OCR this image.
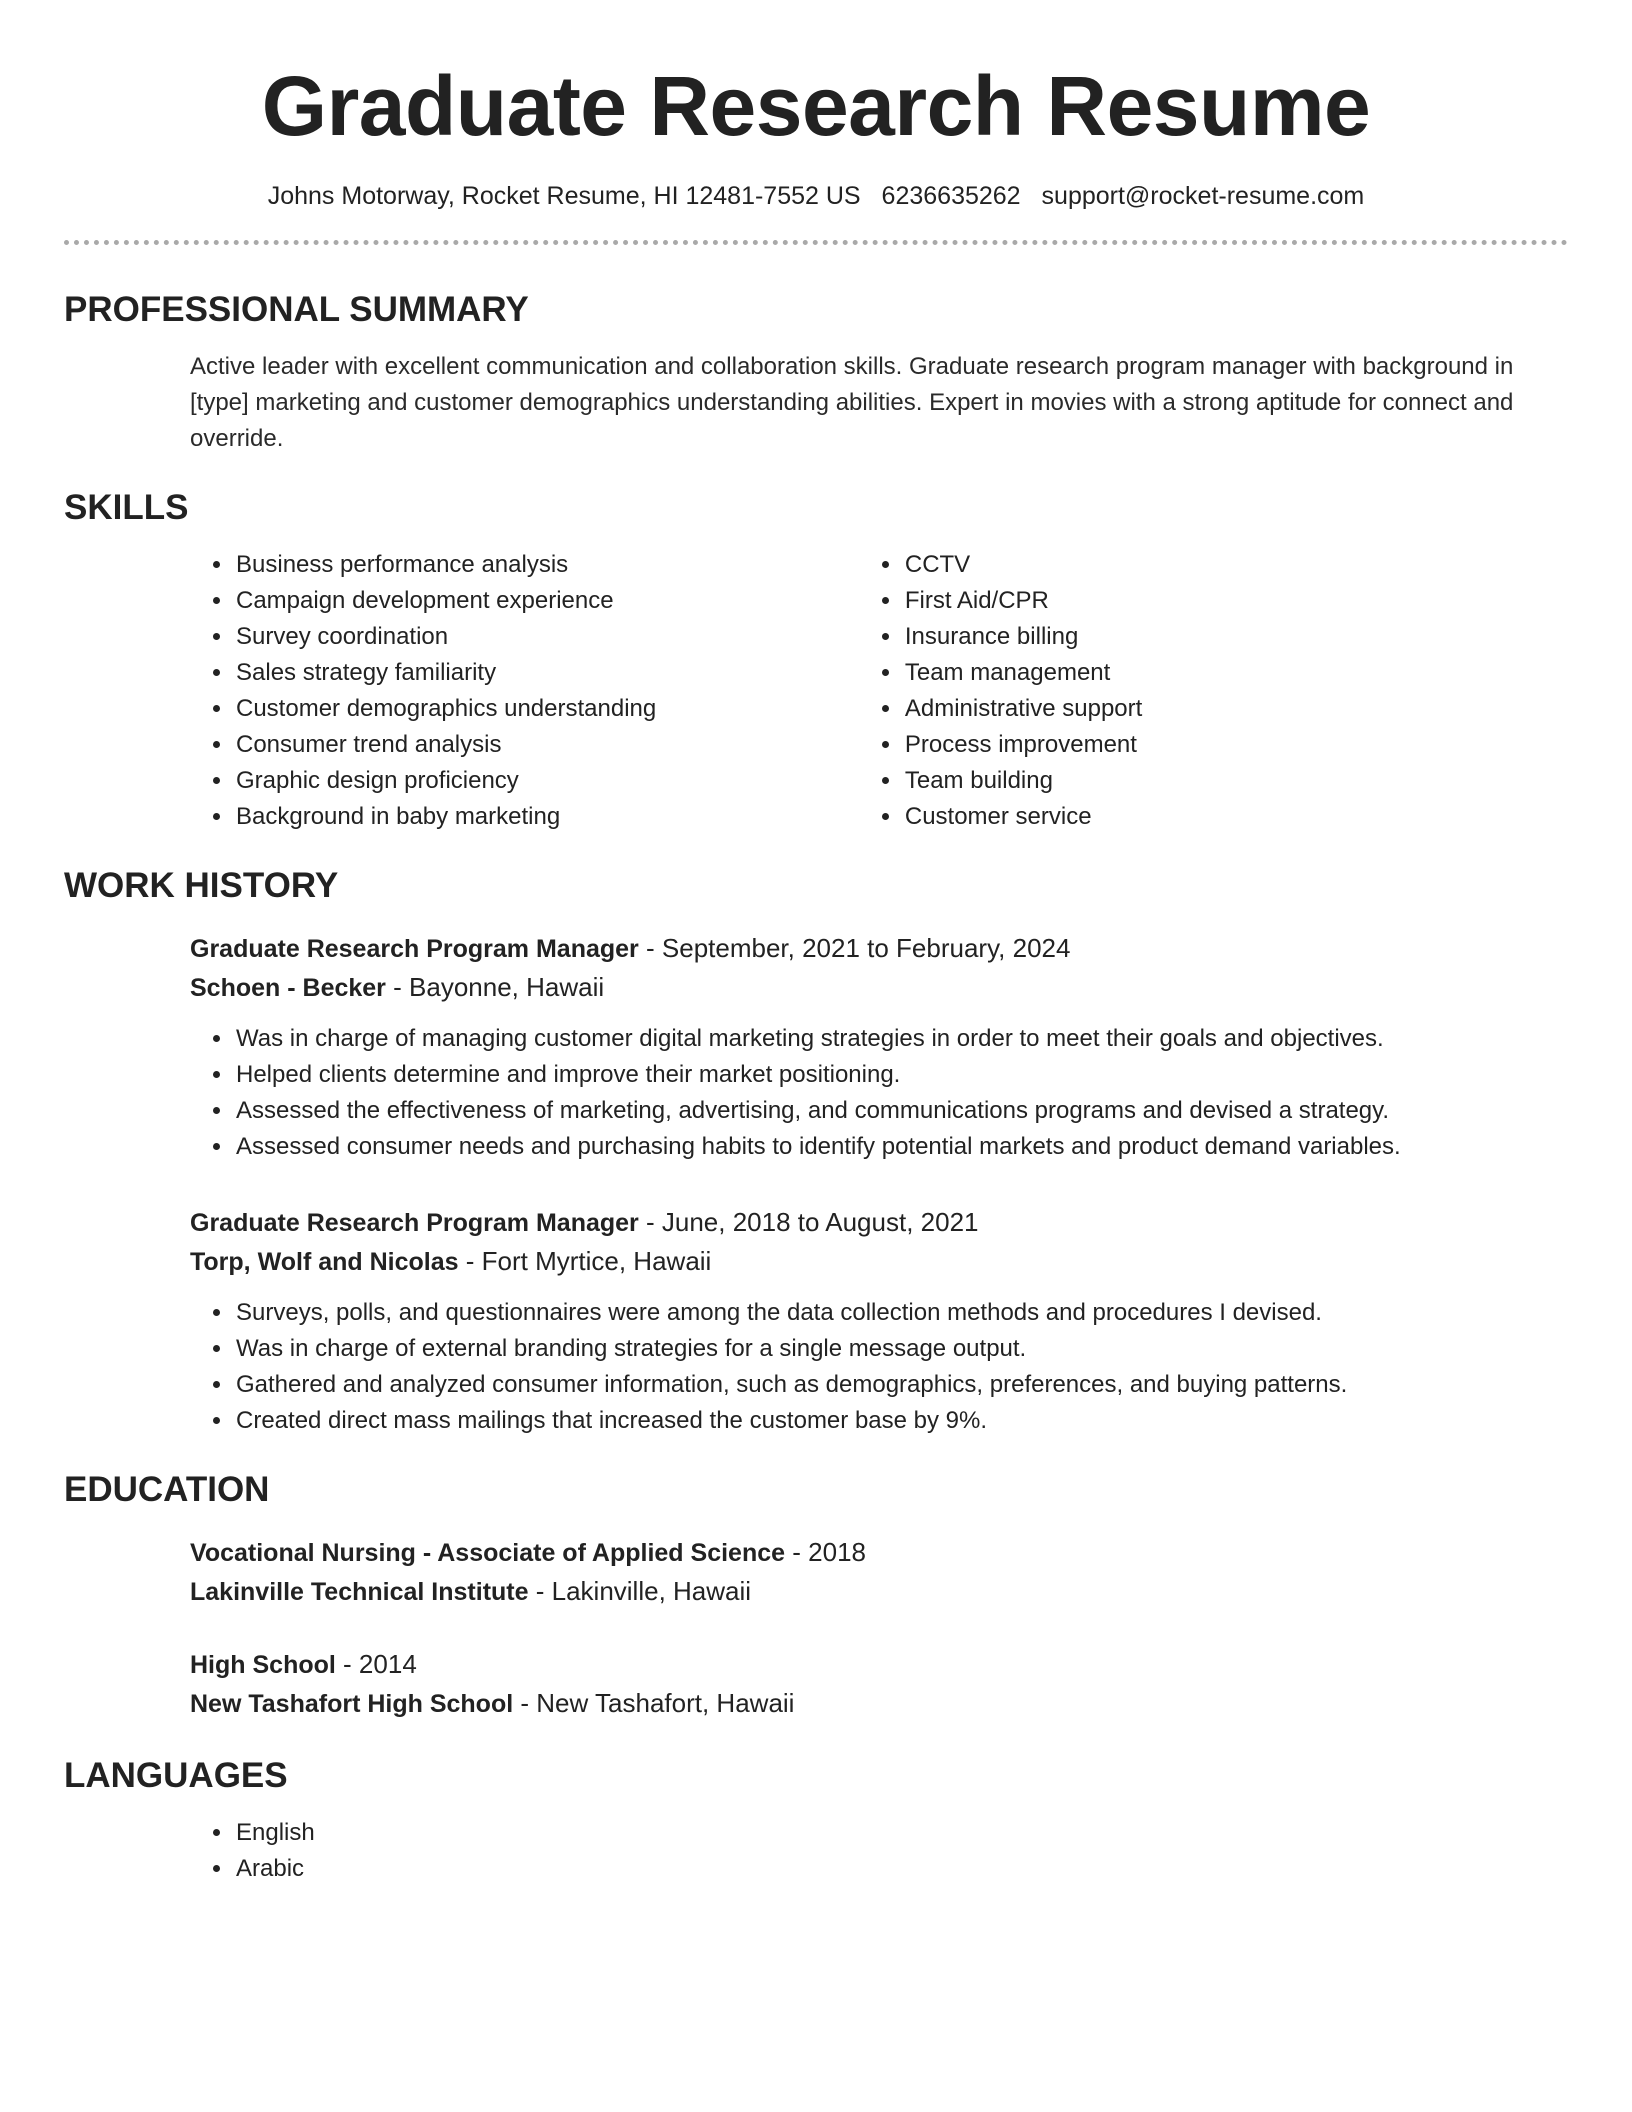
Graduate Research Resume
Johns Motorway, Rocket Resume, HI 12481-7552 US 6236635262 support@rocket-resume.com
PROFESSIONAL SUMMARY
Active leader with excellent communication and collaboration skills. Graduate research program manager with background in [type] marketing and customer demographics understanding abilities. Expert in movies with a strong aptitude for connect and override.
SKILLS
• Business performance analysis
• Campaign development experience
• Survey coordination
• Sales strategy familiarity
• Customer demographics understanding
• Consumer trend analysis
• Graphic design proficiency
• Background in baby marketing
• CCTV
• First Aid/CPR
• Insurance billing
• Team management
• Administrative support
• Process improvement
• Team building
• Customer service
WORK HISTORY
Graduate Research Program Manager - September, 2021 to February, 2024
Schoen - Becker - Bayonne, Hawaii
• Was in charge of managing customer digital marketing strategies in order to meet their goals and objectives.
• Helped clients determine and improve their market positioning.
• Assessed the effectiveness of marketing, advertising, and communications programs and devised a strategy.
• Assessed consumer needs and purchasing habits to identify potential markets and product demand variables.
Graduate Research Program Manager - June, 2018 to August, 2021
Torp, Wolf and Nicolas - Fort Myrtice, Hawaii
• Surveys, polls, and questionnaires were among the data collection methods and procedures I devised.
• Was in charge of external branding strategies for a single message output.
• Gathered and analyzed consumer information, such as demographics, preferences, and buying patterns.
• Created direct mass mailings that increased the customer base by 9%.
EDUCATION
Vocational Nursing - Associate of Applied Science - 2018
Lakinville Technical Institute - Lakinville, Hawaii
High School - 2014
New Tashafort High School - New Tashafort, Hawaii
LANGUAGES
• English
• Arabic
